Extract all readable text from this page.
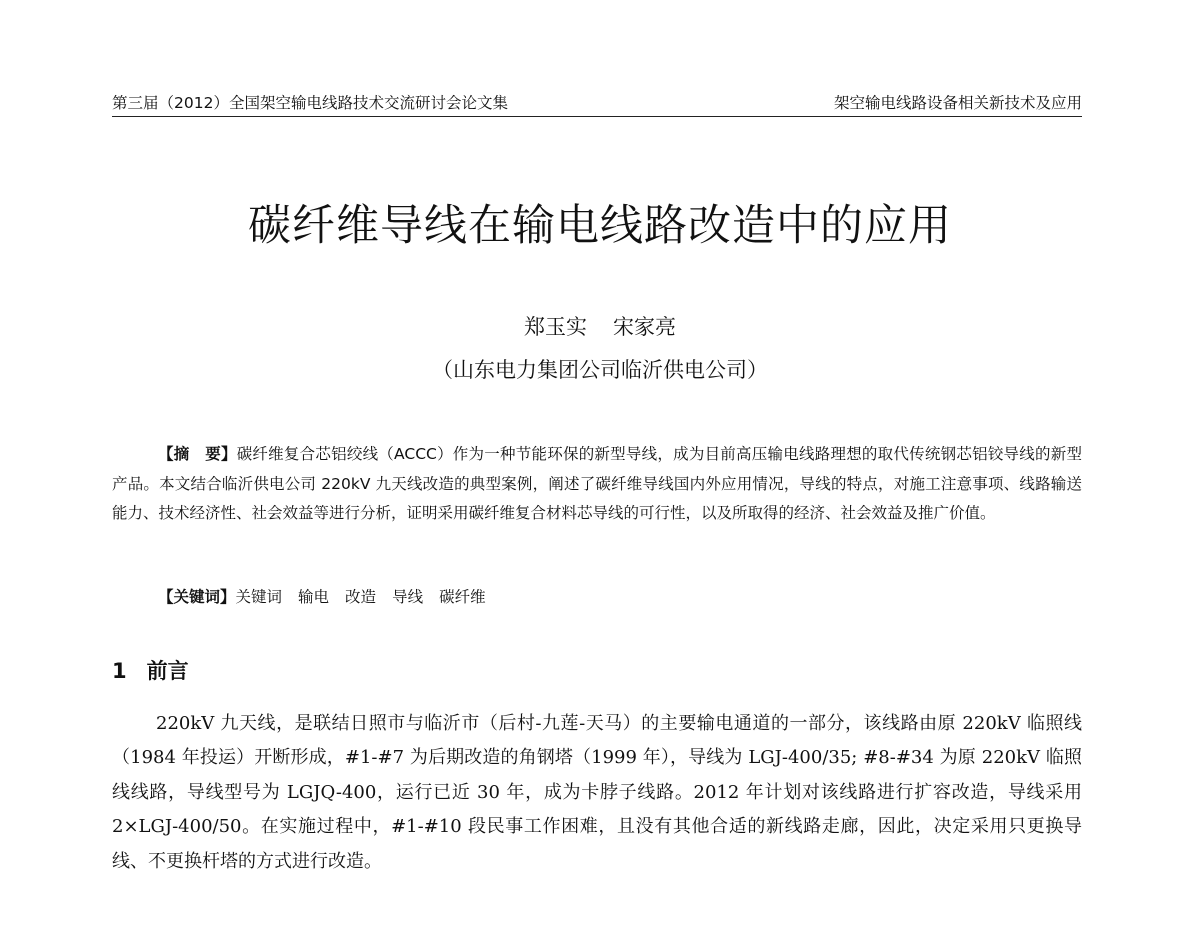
第三届（2012）全国架空输电线路技术交流研讨会论文集	架空输电线路设备相关新技术及应用
碳纤维导线在输电线路改造中的应用
郑玉实 宋家亮
（山东电力集团公司临沂供电公司）

【摘　要】碳纤维复合芯铝绞线（ACCC）作为一种节能环保的新型导线，成为目前高压输电线路理想的取代传统钢芯铝铰导线的新型产品。本文结合临沂供电公司 220kV 九天线改造的典型案例，阐述了碳纤维导线国内外应用情况，导线的特点，对施工注意事项、线路输送能力、技术经济性、社会效益等进行分析，证明采用碳纤维复合材料芯导线的可行性，以及所取得的经济、社会效益及推广价值。

【关键词】关键词 输电 改造 导线 碳纤维
1 前言

220kV 九天线，是联结日照市与临沂市（后村-九莲-天马）的主要输电通道的一部分，该线路由原 220kV 临照线（1984 年投运）开断形成，#1-#7 为后期改造的角钢塔（1999 年），导线为 LGJ-400/35; #8-#34 为原 220kV 临照线线路，导线型号为 LGJQ-400，运行已近 30 年，成为卡脖子线路。2012 年计划对该线路进行扩容改造，导线采用 2×LGJ-400/50。在实施过程中，#1-#10 段民事工作困难，且没有其他合适的新线路走廊，因此，决定采用只更换导线、不更换杆塔的方式进行改造。
